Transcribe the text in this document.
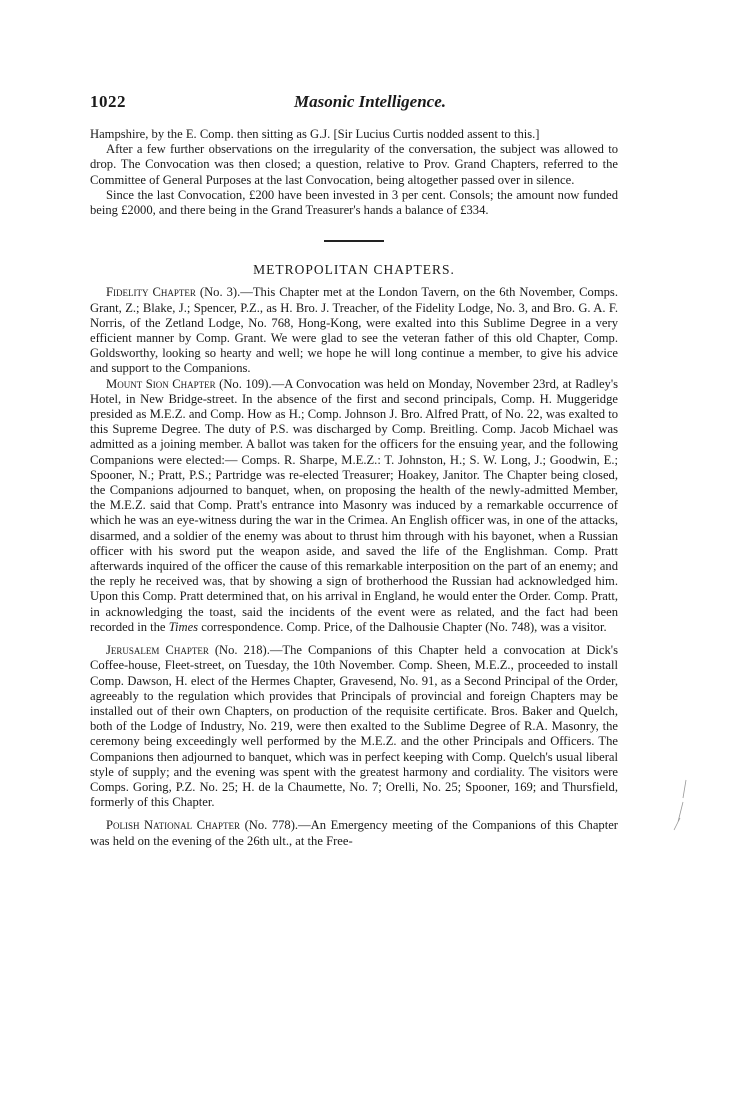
1022	Masonic Intelligence.

Hampshire, by the E. Comp. then sitting as G.J. [Sir Lucius Curtis nodded assent to this.]

After a few further observations on the irregularity of the conversation, the subject was allowed to drop. The Convocation was then closed; a question, relative to Prov. Grand Chapters, referred to the Committee of General Purposes at the last Convocation, being altogether passed over in silence.

Since the last Convocation, £200 have been invested in 3 per cent. Consols; the amount now funded being £2000, and there being in the Grand Treasurer's hands a balance of £334.

METROPOLITAN CHAPTERS.

Fidelity Chapter (No. 3).—This Chapter met at the London Tavern, on the 6th November, Comps. Grant, Z.; Blake, J.; Spencer, P.Z., as H. Bro. J. Treacher, of the Fidelity Lodge, No. 3, and Bro. G. A. F. Norris, of the Zetland Lodge, No. 768, Hong-Kong, were exalted into this Sublime Degree in a very efficient manner by Comp. Grant. We were glad to see the veteran father of this old Chapter, Comp. Goldsworthy, looking so hearty and well; we hope he will long continue a member, to give his advice and support to the Companions.

Mount Sion Chapter (No. 109).—A Convocation was held on Monday, November 23rd, at Radley's Hotel, in New Bridge-street. In the absence of the first and second principals, Comp. H. Muggeridge presided as M.E.Z. and Comp. How as H.; Comp. Johnson J. Bro. Alfred Pratt, of No. 22, was exalted to this Supreme Degree. The duty of P.S. was discharged by Comp. Breitling. Comp. Jacob Michael was admitted as a joining member. A ballot was taken for the officers for the ensuing year, and the following Companions were elected:— Comps. R. Sharpe, M.E.Z.: T. Johnston, H.; S. W. Long, J.; Goodwin, E.; Spooner, N.; Pratt, P.S.; Partridge was re-elected Treasurer; Hoakey, Janitor. The Chapter being closed, the Companions adjourned to banquet, when, on proposing the health of the newly-admitted Member, the M.E.Z. said that Comp. Pratt's entrance into Masonry was induced by a remarkable occurrence of which he was an eye-witness during the war in the Crimea. An English officer was, in one of the attacks, disarmed, and a soldier of the enemy was about to thrust him through with his bayonet, when a Russian officer with his sword put the weapon aside, and saved the life of the Englishman. Comp. Pratt afterwards inquired of the officer the cause of this remarkable interposition on the part of an enemy; and the reply he received was, that by showing a sign of brotherhood the Russian had acknowledged him. Upon this Comp. Pratt determined that, on his arrival in England, he would enter the Order. Comp. Pratt, in acknowledging the toast, said the incidents of the event were as related, and the fact had been recorded in the Times correspondence. Comp. Price, of the Dalhousie Chapter (No. 748), was a visitor.

Jerusalem Chapter (No. 218).—The Companions of this Chapter held a convocation at Dick's Coffee-house, Fleet-street, on Tuesday, the 10th November. Comp. Sheen, M.E.Z., proceeded to install Comp. Dawson, H. elect of the Hermes Chapter, Gravesend, No. 91, as a Second Principal of the Order, agreeably to the regulation which provides that Principals of provincial and foreign Chapters may be installed out of their own Chapters, on production of the requisite certificate. Bros. Baker and Quelch, both of the Lodge of Industry, No. 219, were then exalted to the Sublime Degree of R.A. Masonry, the ceremony being exceedingly well performed by the M.E.Z. and the other Principals and Officers. The Companions then adjourned to banquet, which was in perfect keeping with Comp. Quelch's usual liberal style of supply; and the evening was spent with the greatest harmony and cordiality. The visitors were Comps. Goring, P.Z. No. 25; H. de la Chaumette, No. 7; Orelli, No. 25; Spooner, 169; and Thursfield, formerly of this Chapter.

Polish National Chapter (No. 778).—An Emergency meeting of the Companions of this Chapter was held on the evening of the 26th ult., at the Free-
